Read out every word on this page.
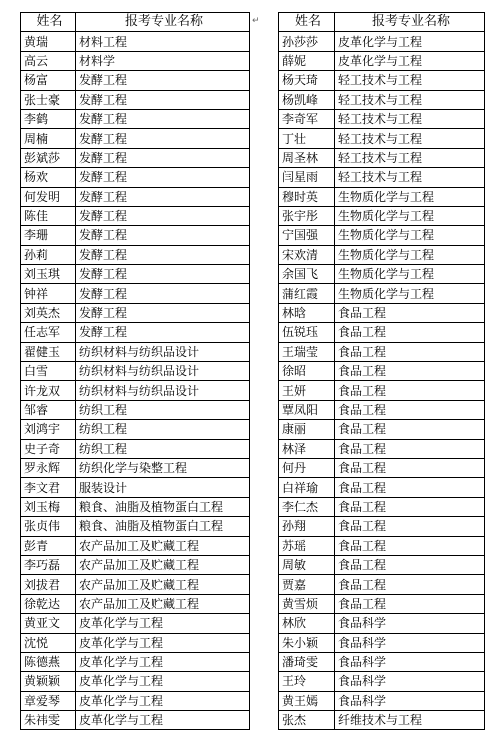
姓名	报考专业名称
黄瑞	材料工程
高云	材料学
杨富	发酵工程
张士豪	发酵工程
李鹤	发酵工程
周楠	发酵工程
彭斌莎	发酵工程
杨欢	发酵工程
何发明	发酵工程
陈佳	发酵工程
李珊	发酵工程
孙莉	发酵工程
刘玉琪	发酵工程
钟祥	发酵工程
刘英杰	发酵工程
任志军	发酵工程
翟健玉	纺织材料与纺织品设计
白雪	纺织材料与纺织品设计
许龙双	纺织材料与纺织品设计
邹睿	纺织工程
刘鸿宇	纺织工程
史子奇	纺织工程
罗永辉	纺织化学与染整工程
李文君	服装设计
刘玉梅	粮食、油脂及植物蛋白工程
张贞伟	粮食、油脂及植物蛋白工程
彭青	农产品加工及贮藏工程
李巧磊	农产品加工及贮藏工程
刘拔君	农产品加工及贮藏工程
徐乾达	农产品加工及贮藏工程
黄亚文	皮革化学与工程
沈悦	皮革化学与工程
陈德燕	皮革化学与工程
黄颖颖	皮革化学与工程
章爱琴	皮革化学与工程
朱祎雯	皮革化学与工程
姓名	报考专业名称
孙莎莎	皮革化学与工程
薛妮	皮革化学与工程
杨天琦	轻工技术与工程
杨凯峰	轻工技术与工程
李奇军	轻工技术与工程
丁壮	轻工技术与工程
周圣林	轻工技术与工程
闫星雨	轻工技术与工程
穆时英	生物质化学与工程
张宇彤	生物质化学与工程
宁国强	生物质化学与工程
宋欢清	生物质化学与工程
余国飞	生物质化学与工程
蒲红霞	生物质化学与工程
林晗	食品工程
伍锐珏	食品工程
王瑞莹	食品工程
徐昭	食品工程
王妍	食品工程
覃凤阳	食品工程
康丽	食品工程
林泽	食品工程
何丹	食品工程
白祥瑜	食品工程
李仁杰	食品工程
孙翔	食品工程
苏瑶	食品工程
周敏	食品工程
贾嘉	食品工程
黄雪烦	食品工程
林欣	食品科学
朱小颖	食品科学
潘琦雯	食品科学
王玲	食品科学
黄王嫣	食品科学
张杰	纤维技术与工程
↵
